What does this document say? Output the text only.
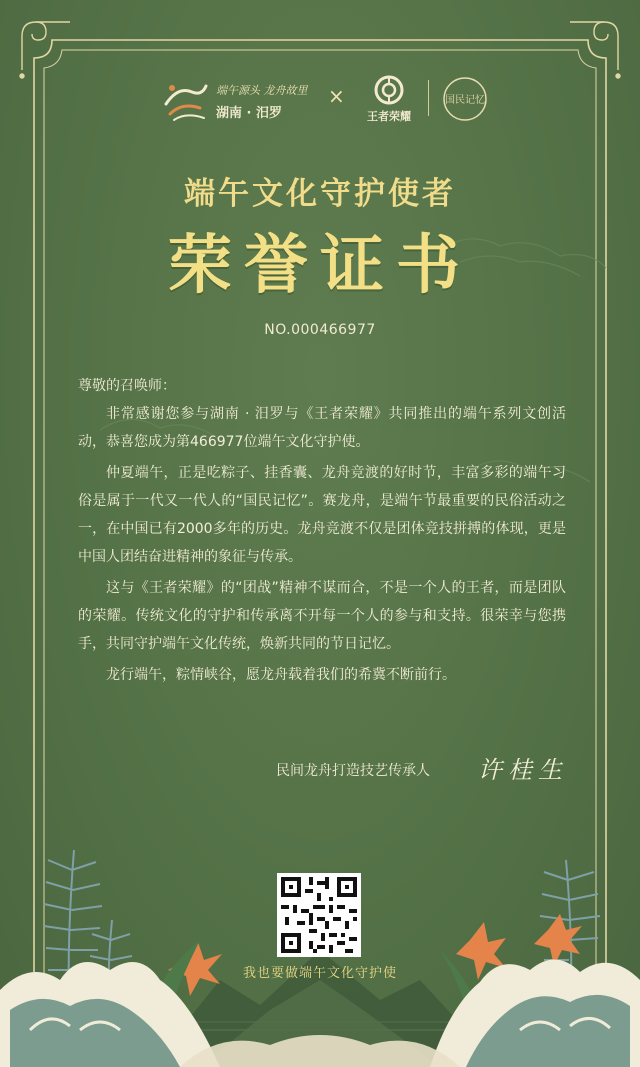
端午源头 龙舟故里
湖南 · 汨罗
×
王者荣耀
国民记忆
端午文化守护使者
荣誉证书
NO.000466977

尊敬的召唤师：

非常感谢您参与湖南 · 汨罗与《王者荣耀》共同推出的端午系列文创活动，恭喜您成为第466977位端午文化守护使。

仲夏端午，正是吃粽子、挂香囊、龙舟竞渡的好时节，丰富多彩的端午习俗是属于一代又一代人的“国民记忆”。赛龙舟，是端午节最重要的民俗活动之一，在中国已有2000多年的历史。龙舟竞渡不仅是团体竞技拼搏的体现，更是中国人团结奋进精神的象征与传承。

这与《王者荣耀》的“团战”精神不谋而合，不是一个人的王者，而是团队的荣耀。传统文化的守护和传承离不开每一个人的参与和支持。很荣幸与您携手，共同守护端午文化传统，焕新共同的节日记忆。

龙行端午，粽情峡谷，愿龙舟载着我们的希冀不断前行。

民间龙舟打造技艺传承人 许桂生
我也要做端午文化守护使
